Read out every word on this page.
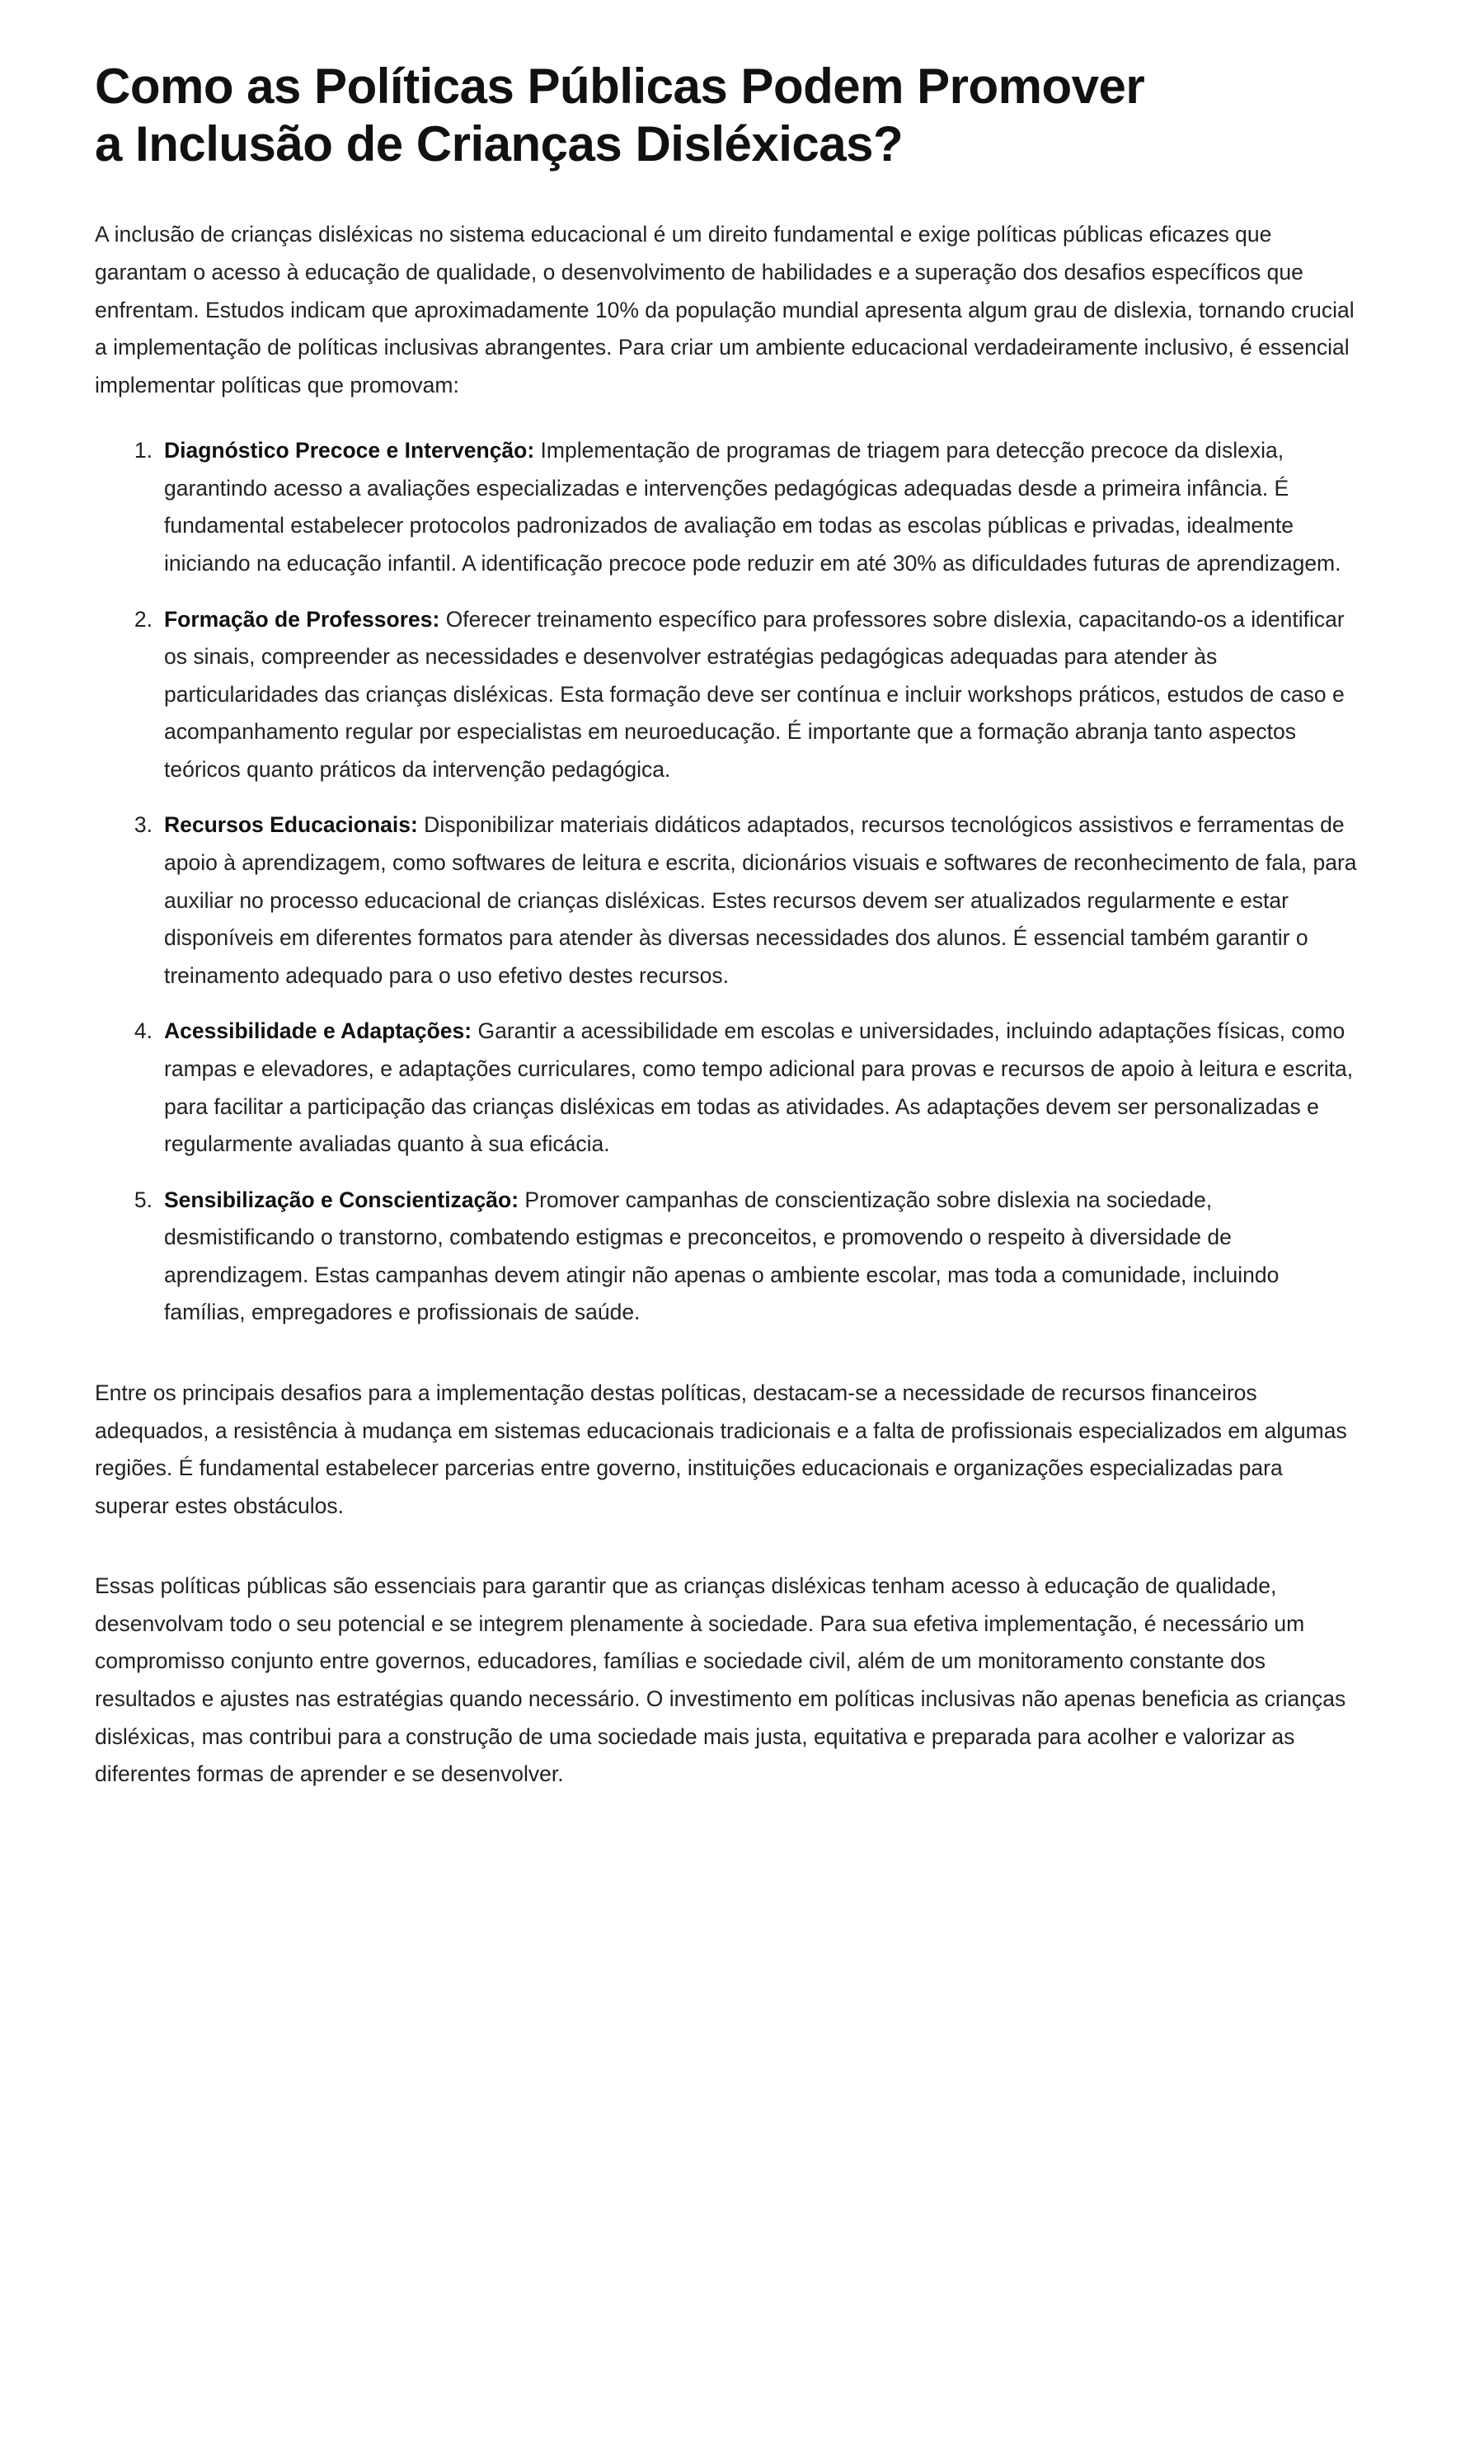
Como as Políticas Públicas Podem Promover a Inclusão de Crianças Disléxicas?

A inclusão de crianças disléxicas no sistema educacional é um direito fundamental e exige políticas públicas eficazes que garantam o acesso à educação de qualidade, o desenvolvimento de habilidades e a superação dos desafios específicos que enfrentam. Estudos indicam que aproximadamente 10% da população mundial apresenta algum grau de dislexia, tornando crucial a implementação de políticas inclusivas abrangentes. Para criar um ambiente educacional verdadeiramente inclusivo, é essencial implementar políticas que promovam:

Diagnóstico Precoce e Intervenção: Implementação de programas de triagem para detecção precoce da dislexia, garantindo acesso a avaliações especializadas e intervenções pedagógicas adequadas desde a primeira infância. É fundamental estabelecer protocolos padronizados de avaliação em todas as escolas públicas e privadas, idealmente iniciando na educação infantil. A identificação precoce pode reduzir em até 30% as dificuldades futuras de aprendizagem.
Formação de Professores: Oferecer treinamento específico para professores sobre dislexia, capacitando-os a identificar os sinais, compreender as necessidades e desenvolver estratégias pedagógicas adequadas para atender às particularidades das crianças disléxicas. Esta formação deve ser contínua e incluir workshops práticos, estudos de caso e acompanhamento regular por especialistas em neuroeducação. É importante que a formação abranja tanto aspectos teóricos quanto práticos da intervenção pedagógica.
Recursos Educacionais: Disponibilizar materiais didáticos adaptados, recursos tecnológicos assistivos e ferramentas de apoio à aprendizagem, como softwares de leitura e escrita, dicionários visuais e softwares de reconhecimento de fala, para auxiliar no processo educacional de crianças disléxicas. Estes recursos devem ser atualizados regularmente e estar disponíveis em diferentes formatos para atender às diversas necessidades dos alunos. É essencial também garantir o treinamento adequado para o uso efetivo destes recursos.
Acessibilidade e Adaptações: Garantir a acessibilidade em escolas e universidades, incluindo adaptações físicas, como rampas e elevadores, e adaptações curriculares, como tempo adicional para provas e recursos de apoio à leitura e escrita, para facilitar a participação das crianças disléxicas em todas as atividades. As adaptações devem ser personalizadas e regularmente avaliadas quanto à sua eficácia.
Sensibilização e Conscientização: Promover campanhas de conscientização sobre dislexia na sociedade, desmistificando o transtorno, combatendo estigmas e preconceitos, e promovendo o respeito à diversidade de aprendizagem. Estas campanhas devem atingir não apenas o ambiente escolar, mas toda a comunidade, incluindo famílias, empregadores e profissionais de saúde.

Entre os principais desafios para a implementação destas políticas, destacam-se a necessidade de recursos financeiros adequados, a resistência à mudança em sistemas educacionais tradicionais e a falta de profissionais especializados em algumas regiões. É fundamental estabelecer parcerias entre governo, instituições educacionais e organizações especializadas para superar estes obstáculos.

Essas políticas públicas são essenciais para garantir que as crianças disléxicas tenham acesso à educação de qualidade, desenvolvam todo o seu potencial e se integrem plenamente à sociedade. Para sua efetiva implementação, é necessário um compromisso conjunto entre governos, educadores, famílias e sociedade civil, além de um monitoramento constante dos resultados e ajustes nas estratégias quando necessário. O investimento em políticas inclusivas não apenas beneficia as crianças disléxicas, mas contribui para a construção de uma sociedade mais justa, equitativa e preparada para acolher e valorizar as diferentes formas de aprender e se desenvolver.
